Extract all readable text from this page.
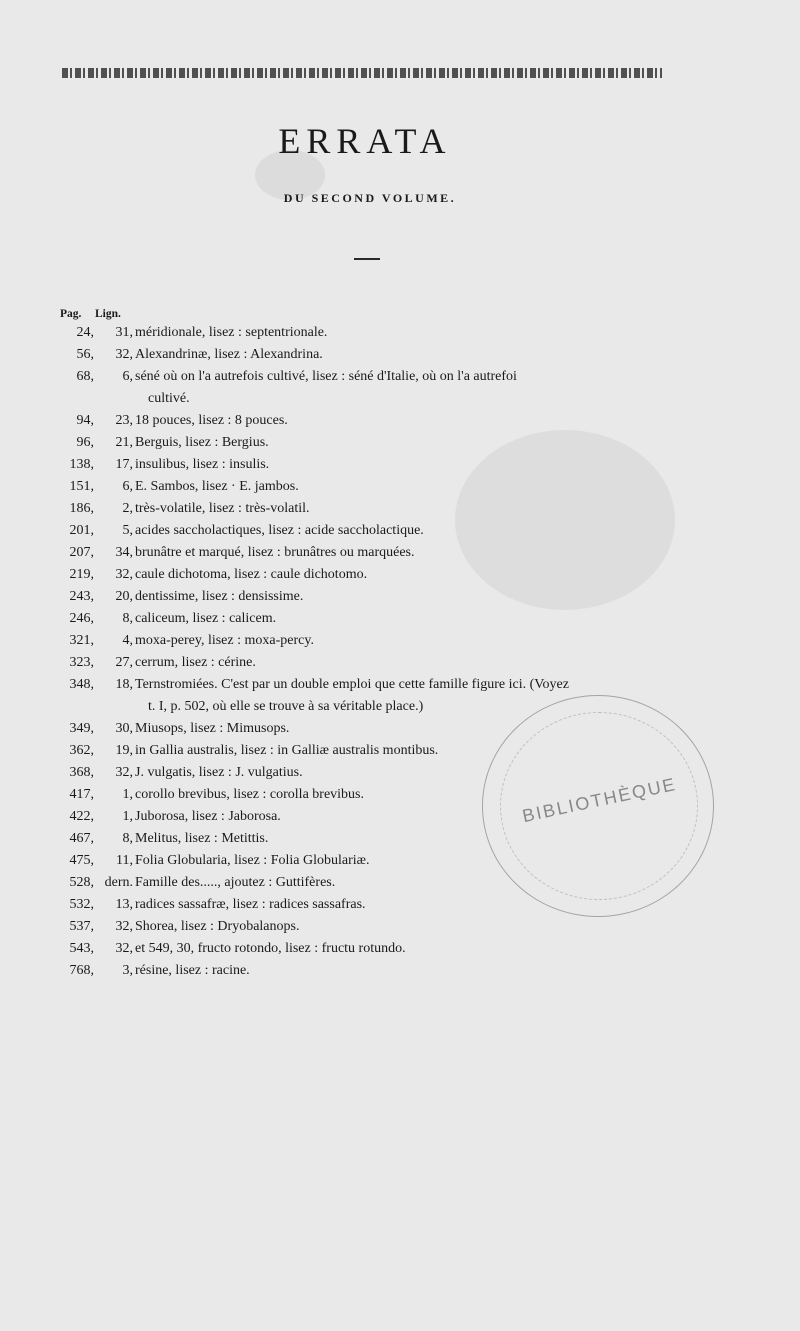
ERRATA
DU SECOND VOLUME.
Pag. Lign.
24, 31, méridionale, lisez : septentrionale.
56, 32, Alexandrinæ, lisez : Alexandrina.
68, 6, séné où on l'a autrefois cultivé, lisez : séné d'Italie, où on l'a autrefoi
cultivé.
94, 23, 18 pouces, lisez : 8 pouces.
96, 21, Berguis, lisez : Bergius.
138, 17, insulibus, lisez : insulis.
151, 6, E. Sambos, lisez · E. jambos.
186, 2, très-volatile, lisez : très-volatil.
201, 5, acides saccholactiques, lisez : acide saccholactique.
207, 34, brunâtre et marqué, lisez : brunâtres ou marquées.
219, 32, caule dichotoma, lisez : caule dichotomo.
243, 20, dentissime, lisez : densissime.
246, 8, caliceum, lisez : calicem.
321, 4, moxa-perey, lisez : moxa-percy.
323, 27, cerrum, lisez : cérine.
348, 18, Ternstromiées. C'est par un double emploi que cette famille figure ici. (Voyez
t. I, p. 502, où elle se trouve à sa véritable place.)
349, 30, Miusops, lisez : Mimusops.
362, 19, in Gallia australis, lisez : in Galliæ australis montibus.
368, 32, J. vulgatis, lisez : J. vulgatius.
417, 1, corollo brevibus, lisez : corolla brevibus.
422, 1, Juborosa, lisez : Jaborosa.
467, 8, Melitus, lisez : Metittis.
475, 11, Folia Globularia, lisez : Folia Globulariæ.
528, dern. Famille des....., ajoutez : Guttifères.
532, 13, radices sassafræ, lisez : radices sassafras.
537, 32, Shorea, lisez : Dryobalanops.
543, 32, et 549, 30, fructo rotondo, lisez : fructu rotundo.
768, 3, résine, lisez : racine.
BIBLIOTHÈQUE
